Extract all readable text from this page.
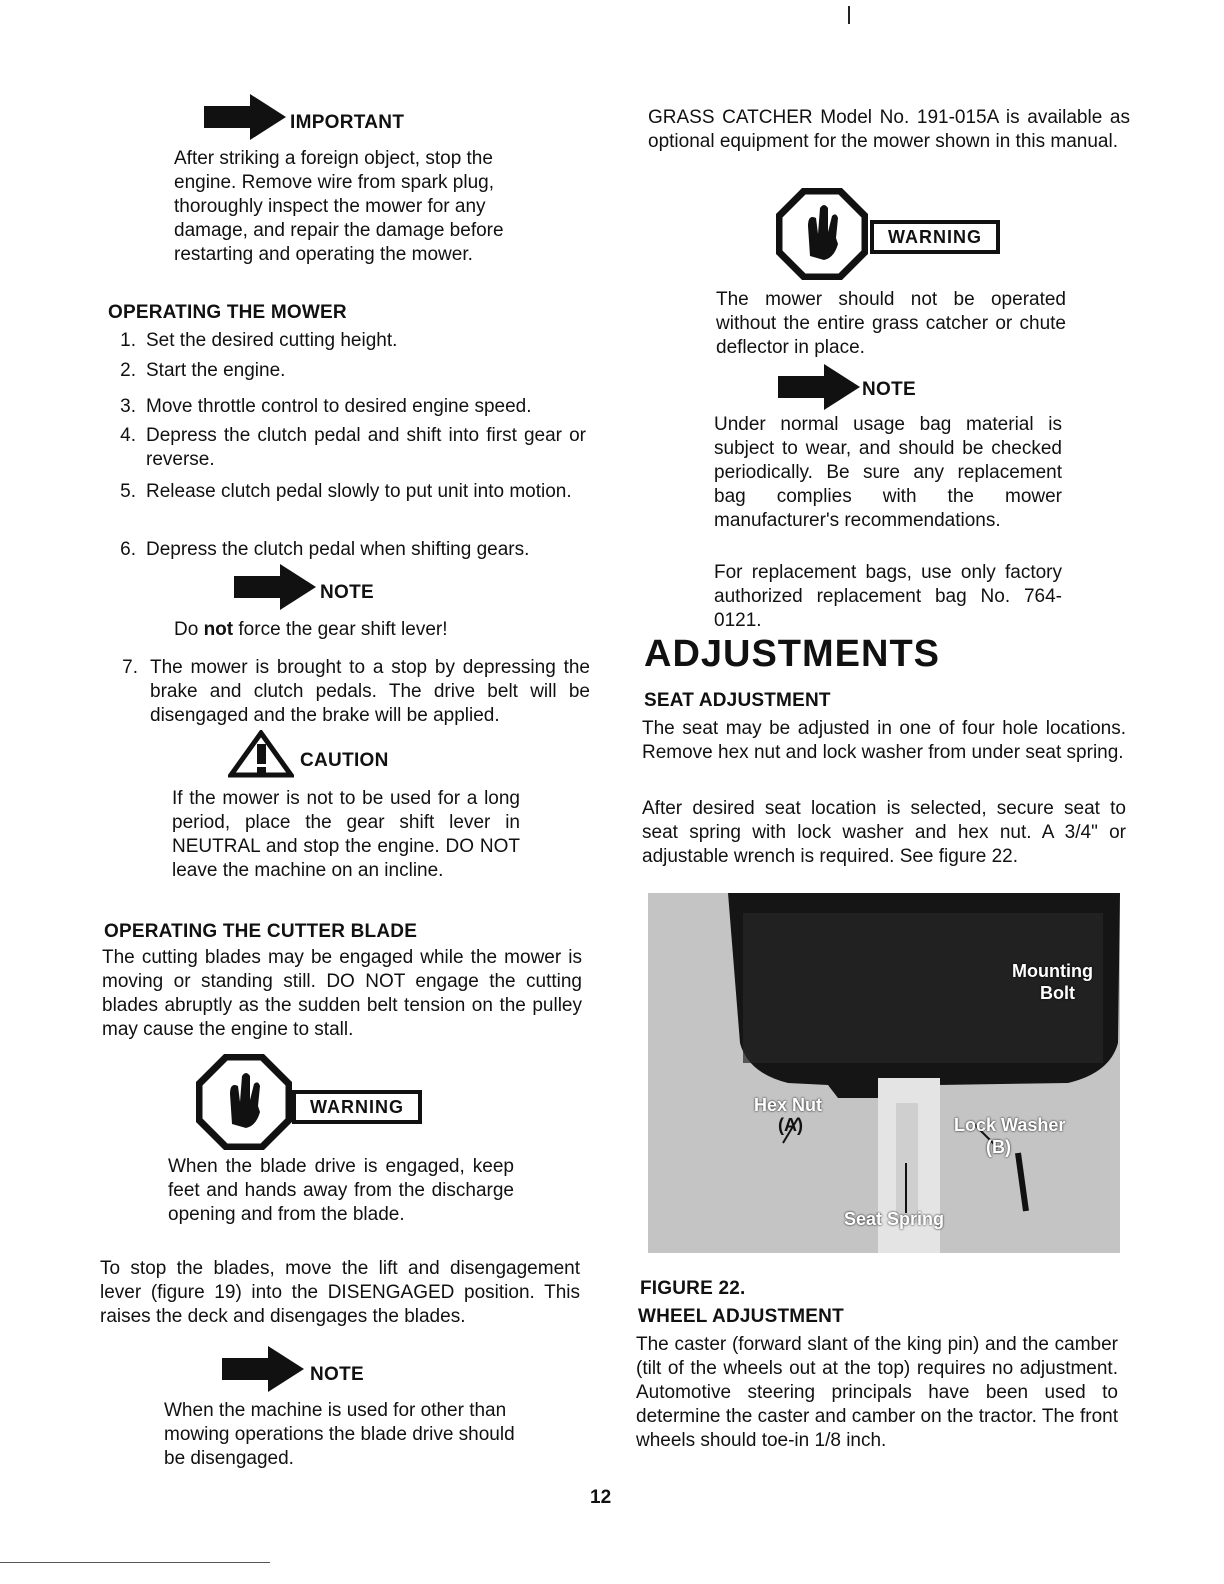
IMPORTANT
After striking a foreign object, stop the engine. Remove wire from spark plug, thoroughly inspect the mower for any damage, and repair the damage before restarting and operating the mower.
OPERATING THE MOWER
1. Set the desired cutting height.
2. Start the engine.
3. Move throttle control to desired engine speed.
4. Depress the clutch pedal and shift into first gear or reverse.
5. Release clutch pedal slowly to put unit into motion.
6. Depress the clutch pedal when shifting gears.
NOTE
Do not force the gear shift lever!
7. The mower is brought to a stop by depressing the brake and clutch pedals. The drive belt will be disengaged and the brake will be applied.
CAUTION
If the mower is not to be used for a long period, place the gear shift lever in NEUTRAL and stop the engine. DO NOT leave the machine on an incline.
OPERATING THE CUTTER BLADE
The cutting blades may be engaged while the mower is moving or standing still. DO NOT engage the cutting blades abruptly as the sudden belt tension on the pulley may cause the engine to stall.
WARNING
When the blade drive is engaged, keep feet and hands away from the discharge opening and from the blade.
To stop the blades, move the lift and disengagement lever (figure 19) into the DISENGAGED position. This raises the deck and disengages the blades.
NOTE
When the machine is used for other than mowing operations the blade drive should be disengaged.
GRASS CATCHER Model No. 191-015A is available as optional equipment for the mower shown in this manual.
WARNING
The mower should not be operated without the entire grass catcher or chute deflector in place.
NOTE
Under normal usage bag material is subject to wear, and should be checked periodically. Be sure any replacement bag complies with the mower manufacturer's recommendations.
For replacement bags, use only factory authorized replacement bag No. 764-0121.
ADJUSTMENTS
SEAT ADJUSTMENT
The seat may be adjusted in one of four hole locations. Remove hex nut and lock washer from under seat spring.
After desired seat location is selected, secure seat to seat spring with lock washer and hex nut. A 3/4" or adjustable wrench is required. See figure 22.
Mounting
Bolt
Hex Nut
(A)	Lock Washer
(B)
Seat Spring
FIGURE 22.
WHEEL ADJUSTMENT
The caster (forward slant of the king pin) and the camber (tilt of the wheels out at the top) requires no adjustment. Automotive steering principals have been used to determine the caster and camber on the tractor. The front wheels should toe-in 1/8 inch.
12
